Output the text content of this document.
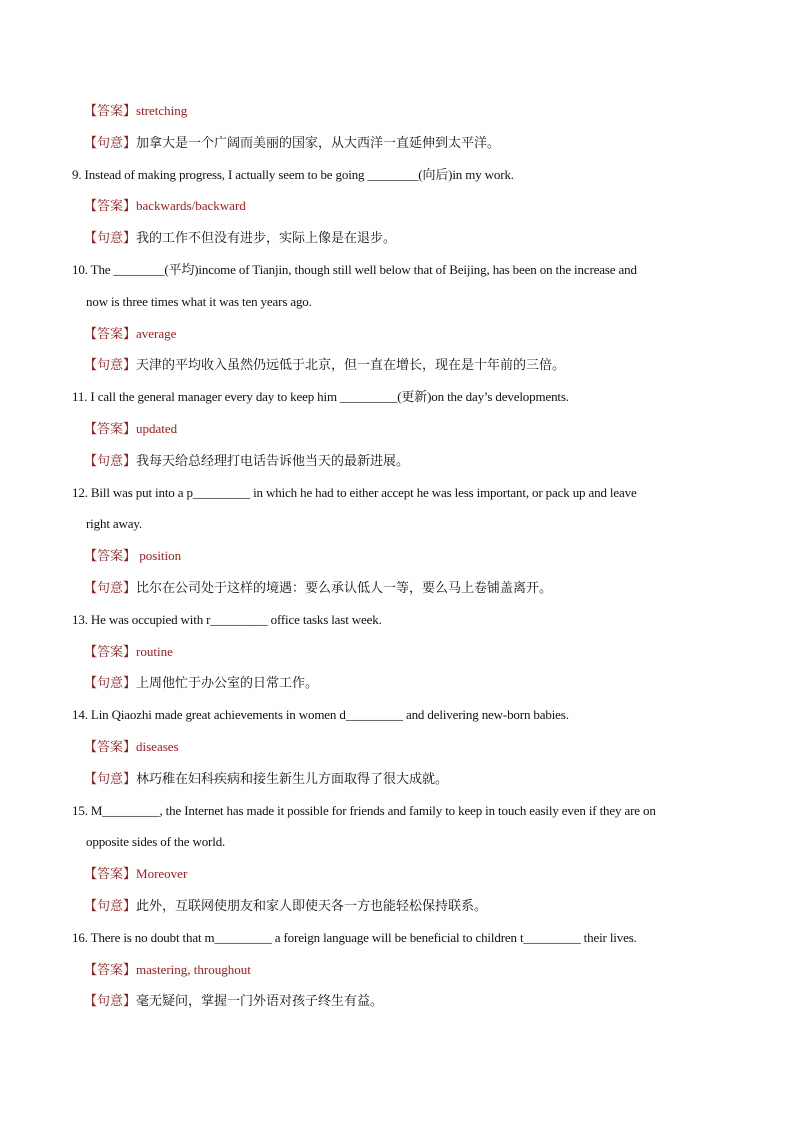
【答案】stretching
【句意】加拿大是一个广阔而美丽的国家，从大西洋一直延伸到太平洋。
9. Instead of making progress, I actually seem to be going ________(向后)in my work.
【答案】backwards/backward
【句意】我的工作不但没有进步，实际上像是在退步。
10. The ________(平均)income of Tianjin, though still well below that of Beijing, has been on the increase and
now is three times what it was ten years ago.
【答案】average
【句意】天津的平均收入虽然仍远低于北京，但一直在增长，现在是十年前的三倍。
11. I call the general manager every day to keep him _________(更新)on the day’s developments.
【答案】updated
【句意】我每天给总经理打电话告诉他当天的最新进展。
12. Bill was put into a p_________ in which he had to either accept he was less important, or pack up and leave
right away.
【答案】 position
【句意】比尔在公司处于这样的境遇：要么承认低人一等，要么马上卷铺盖离开。
13. He was occupied with r_________ office tasks last week.
【答案】routine
【句意】上周他忙于办公室的日常工作。
14. Lin Qiaozhi made great achievements in women d_________ and delivering new-born babies.
【答案】diseases
【句意】林巧稚在妇科疾病和接生新生儿方面取得了很大成就。
15. M_________, the Internet has made it possible for friends and family to keep in touch easily even if they are on
opposite sides of the world.
【答案】Moreover
【句意】此外，互联网使朋友和家人即使天各一方也能轻松保持联系。
16. There is no doubt that m_________ a foreign language will be beneficial to children t_________ their lives.
【答案】mastering, throughout
【句意】毫无疑问，掌握一门外语对孩子终生有益。
